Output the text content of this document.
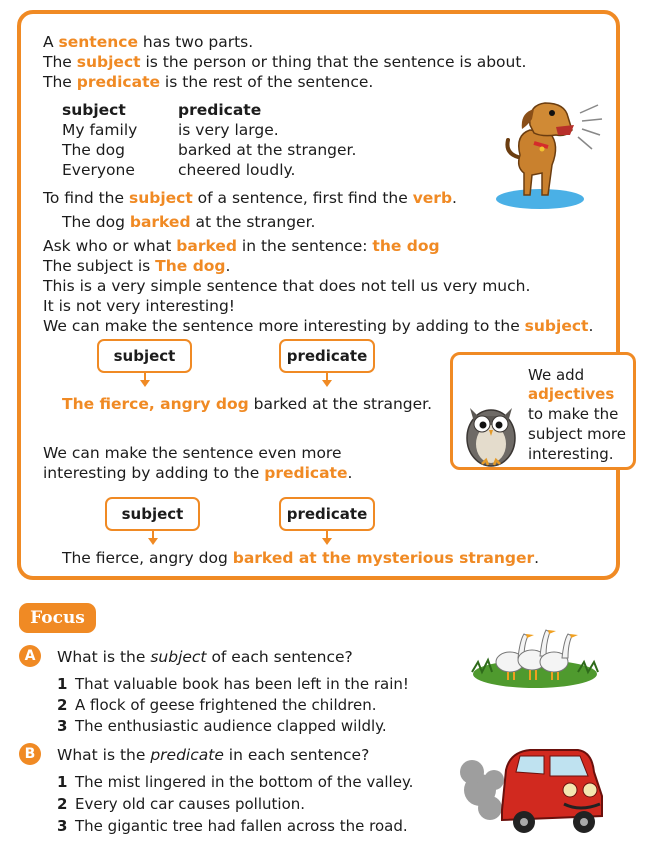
A sentence has two parts.
The subject is the person or thing that the sentence is about.
The predicate is the rest of the sentence.
subject	predicate
My family	is very large.
The dog	barked at the stranger.
Everyone	cheered loudly.
To find the subject of a sentence, first find the verb.
The dog barked at the stranger.
Ask who or what barked in the sentence: the dog
The subject is The dog.
This is a very simple sentence that does not tell us very much.
It is not very interesting!
We can make the sentence more interesting by adding to the subject.
subject	predicate
The fierce, angry dog barked at the stranger.
We add
adjectives
to make the
subject more
interesting.
We can make the sentence even more
interesting by adding to the predicate.
subject	predicate
The fierce, angry dog barked at the mysterious stranger.
Focus
A	What is the subject of each sentence?
1 That valuable book has been left in the rain!
2 A flock of geese frightened the children.
3 The enthusiastic audience clapped wildly.
B	What is the predicate in each sentence?
1 The mist lingered in the bottom of the valley.
2 Every old car causes pollution.
3 The gigantic tree had fallen across the road.
